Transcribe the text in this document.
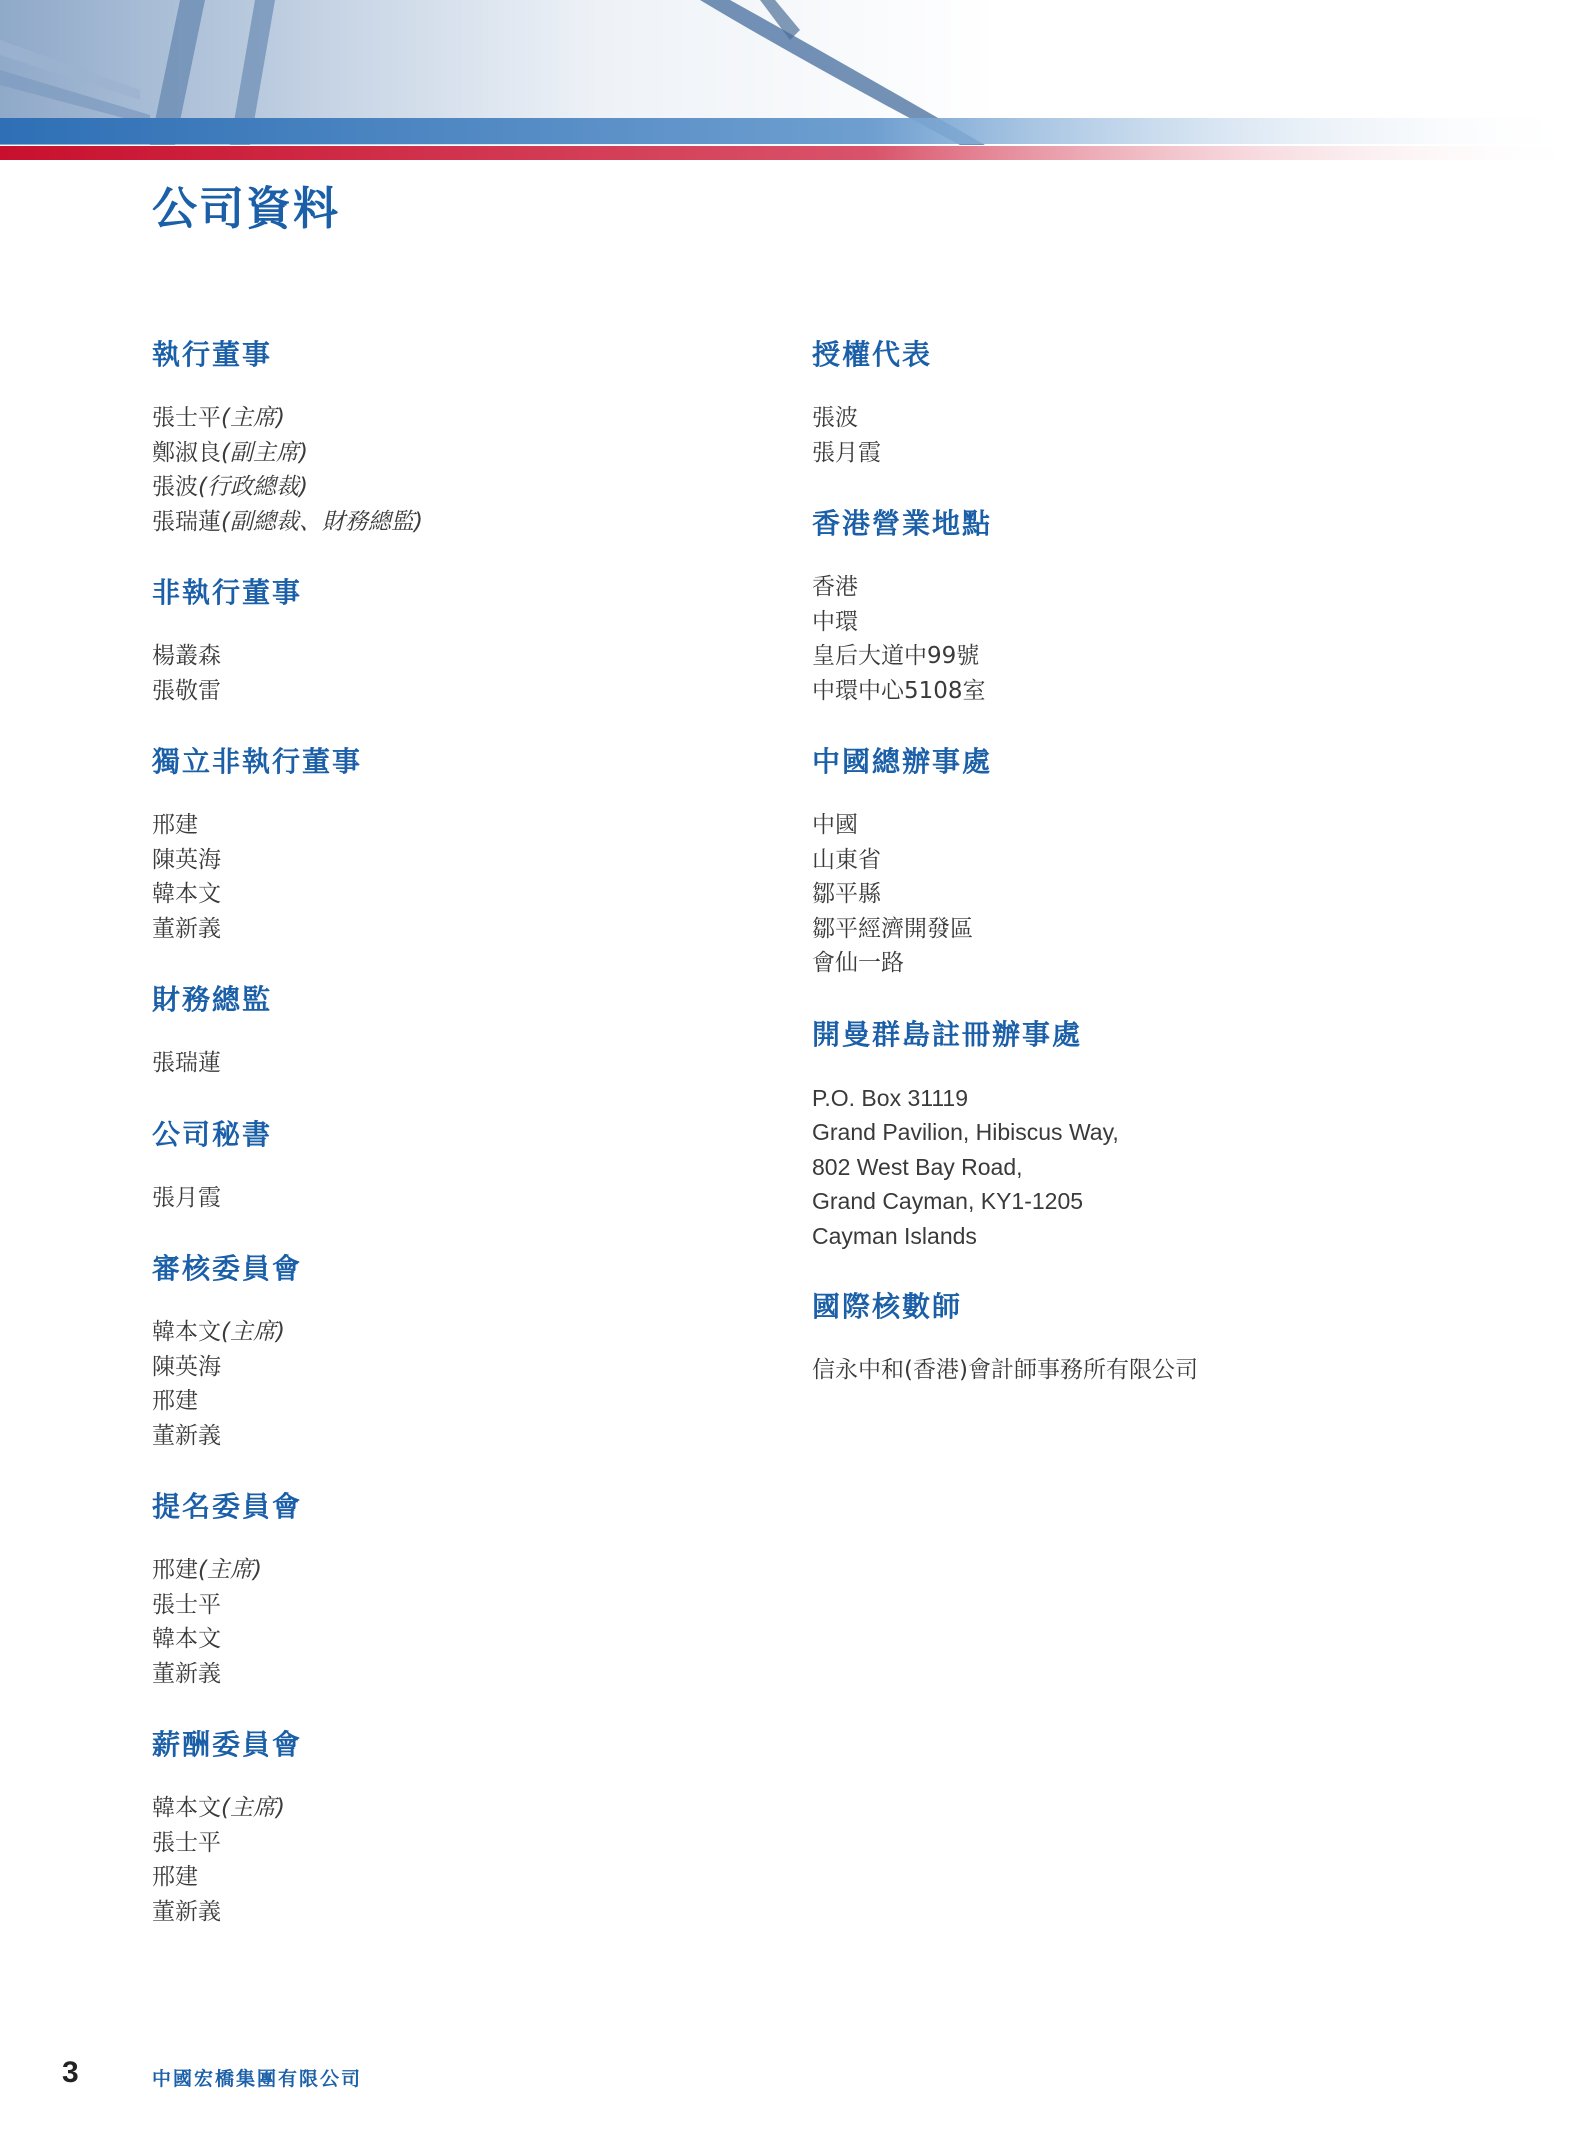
公司資料
執行董事
張士平(主席)
鄭淑良(副主席)
張波(行政總裁)
張瑞蓮(副總裁、財務總監)
非執行董事
楊叢森
張敬雷
獨立非執行董事
邢建
陳英海
韓本文
董新義
財務總監
張瑞蓮
公司秘書
張月霞
審核委員會
韓本文(主席)
陳英海
邢建
董新義
提名委員會
邢建(主席)
張士平
韓本文
董新義
薪酬委員會
韓本文(主席)
張士平
邢建
董新義
授權代表
張波
張月霞
香港營業地點
香港
中環
皇后大道中99號
中環中心5108室
中國總辦事處
中國
山東省
鄒平縣
鄒平經濟開發區
會仙一路
開曼群島註冊辦事處
P.O. Box 31119
Grand Pavilion, Hibiscus Way,
802 West Bay Road,
Grand Cayman, KY1-1205
Cayman Islands
國際核數師
信永中和(香港)會計師事務所有限公司
3	中國宏橋集團有限公司
